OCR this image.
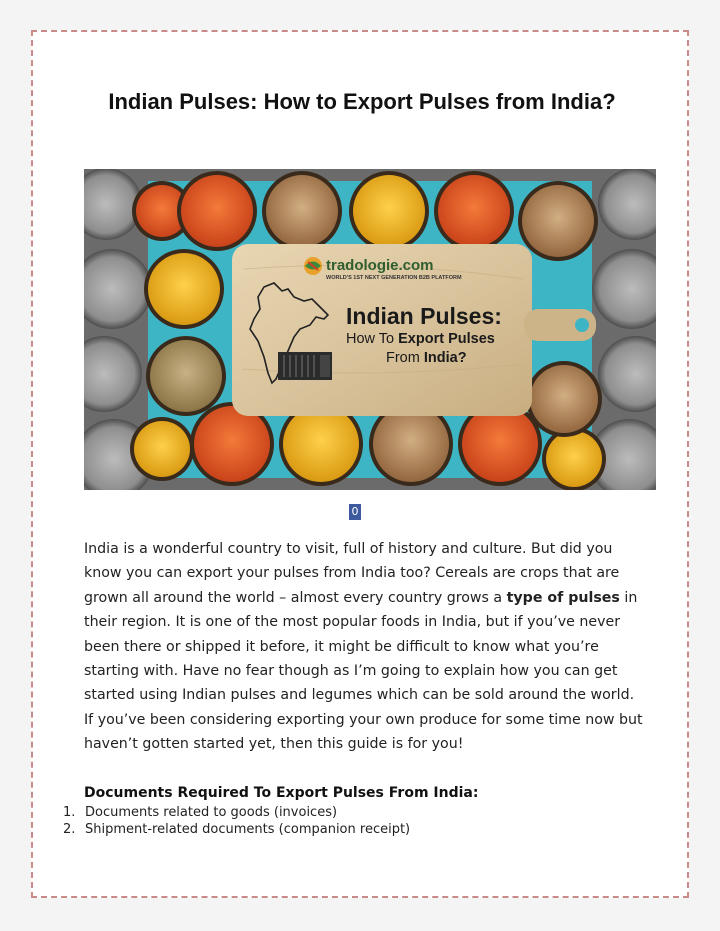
Indian Pulses: How to Export Pulses from India?
tradologie.com
WORLD'S 1ST NEXT GENERATION B2B PLATFORM
Indian Pulses:
How To Export Pulses
From India?
0

India is a wonderful country to visit, full of history and culture. But did you know you can export your pulses from India too? Cereals are crops that are grown all around the world – almost every country grows a type of pulses in their region. It is one of the most popular foods in India, but if you’ve never been there or shipped it before, it might be difficult to know what you’re starting with. Have no fear though as I’m going to explain how you can get started using Indian pulses and legumes which can be sold around the world. If you’ve been considering exporting your own produce for some time now but haven’t gotten started yet, then this guide is for you!

Documents Required To Export Pulses From India:
1. Documents related to goods (invoices)
2. Shipment-related documents (companion receipt)
